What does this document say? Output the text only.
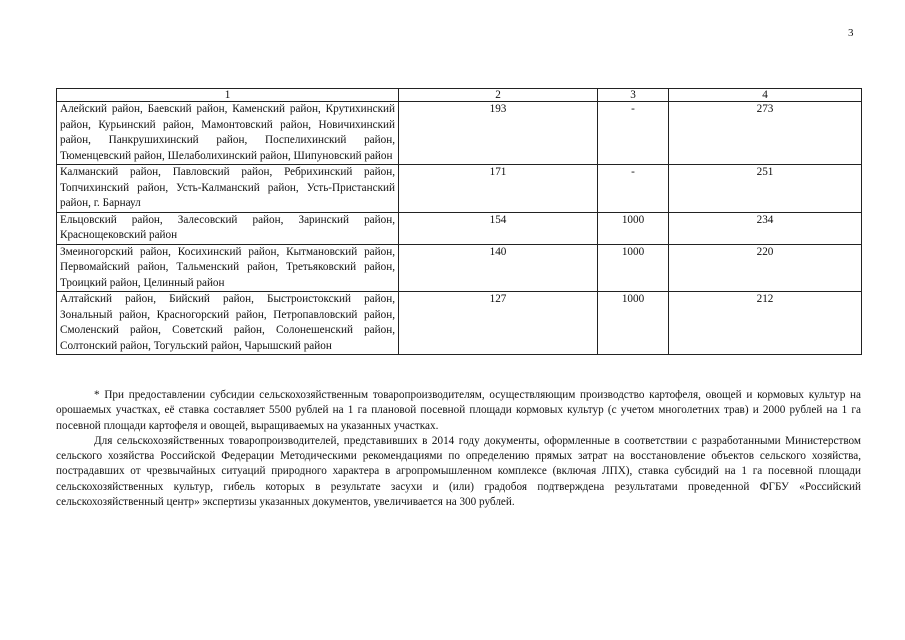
3
1	2	3	4
Алейский район, Баевский район, Каменский район, Крутихинский район, Курьинский район, Мамонтовский район, Новичихинский район, Панкрушихинский район, Поспелихинский район, Тюменцевский район, Шелаболихинский район, Шипуновский район	193	-	273
Калманский район, Павловский район, Ребрихинский район, Топчихинский район, Усть-Калманский район, Усть-Пристанский район, г. Барнаул	171	-	251
Ельцовский район, Залесовский район, Заринский район, Краснощековский район	154	1000	234
Змеиногорский район, Косихинский район, Кытмановский район, Первомайский район, Тальменский район, Третьяковский район, Троицкий район, Целинный район	140	1000	220
Алтайский район, Бийский район, Быстроистокский район, Зональный район, Красногорский район, Петропавловский район, Смоленский район, Советский район, Солонешенский район, Солтонский район, Тогульский район, Чарышский район	127	1000	212

* При предоставлении субсидии сельскохозяйственным товаропроизводителям, осуществляющим производство картофеля, овощей и кормовых культур на орошаемых участках, её ставка составляет 5500 рублей на 1 га плановой посевной площади кормовых культур (с учетом многолетних трав) и 2000 рублей на 1 га посевной площади картофеля и овощей, выращиваемых на указанных участках.

Для сельскохозяйственных товаропроизводителей, представивших в 2014 году документы, оформленные в соответствии с разработанными Министерством сельского хозяйства Российской Федерации Методическими рекомендациями по определению прямых затрат на восстановление объектов сельского хозяйства, пострадавших от чрезвычайных ситуаций природного характера в агропромышленном комплексе (включая ЛПХ), ставка субсидий на 1 га посевной площади сельскохозяйственных культур, гибель которых в результате засухи и (или) градобоя подтверждена результатами проведенной ФГБУ «Российский сельскохозяйственный центр» экспертизы указанных документов, увеличивается на 300 рублей.
